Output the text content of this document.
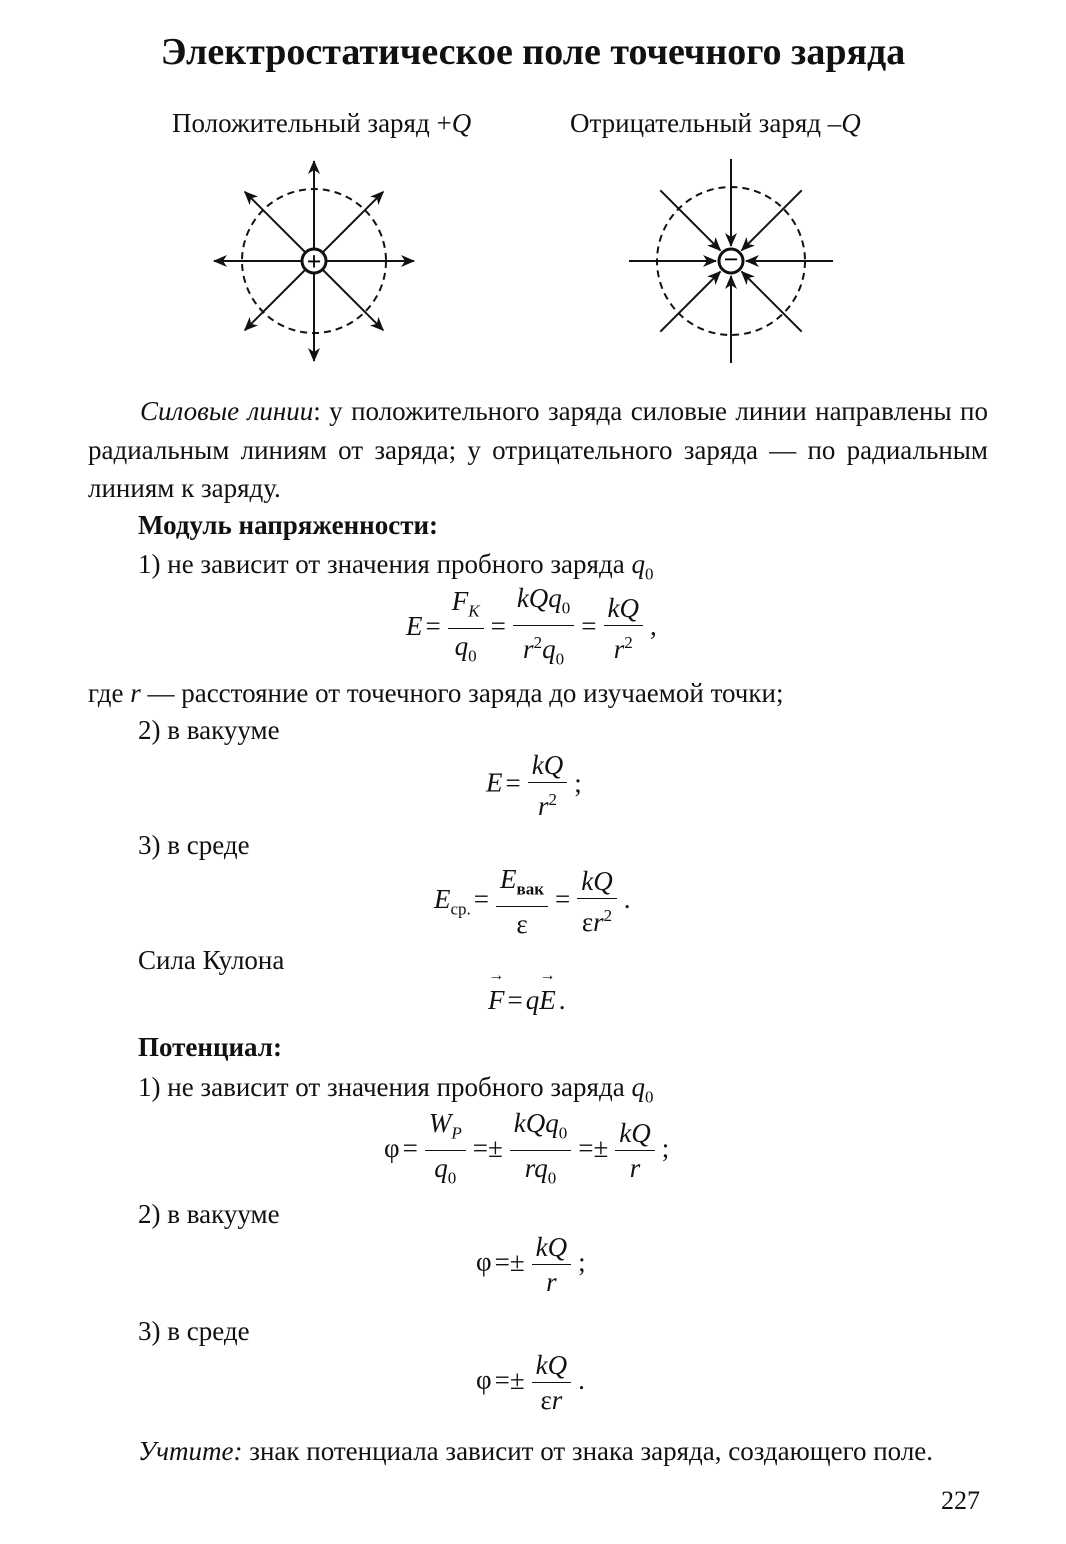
Электростатическое поле точечного заряда
Положительный заряд +Q	Отрицательный заряд –Q
+	−
Силовые линии: у положительного заряда силовые линии направлены по радиальным линиям от заряда; у отрицательного заряда — по радиальным линиям к заряду.
Модуль напряженности:
1) не зависит от значения пробного заряда $q_0$
$E = \frac{F_K}{q_0} = \frac{kQq_0}{r^2q_0} = \frac{kQ}{r^2}$ ,
где r — расстояние от точечного заряда до изучаемой точки;
2) в вакууме
$E = \frac{kQ}{r^2}$ ;
3) в среде
$E_{ср.} = \frac{E_{вак}}{\varepsilon} = \frac{kQ}{\varepsilon r^2}$ .
Сила Кулона
→ F = q→ E .
Потенциал:
1) не зависит от значения пробного заряда $q_0$
$\varphi = \frac{W_P}{q_0} =\pm \frac{kQq_0}{rq_0} =\pm \frac{kQ}{r}$ ;
2) в вакууме
$\varphi =\pm \frac{kQ}{r}$ ;
3) в среде
$\varphi =\pm \frac{kQ}{\varepsilon r}$ .
Учтите: знак потенциала зависит от знака заряда, создающего поле.
227
